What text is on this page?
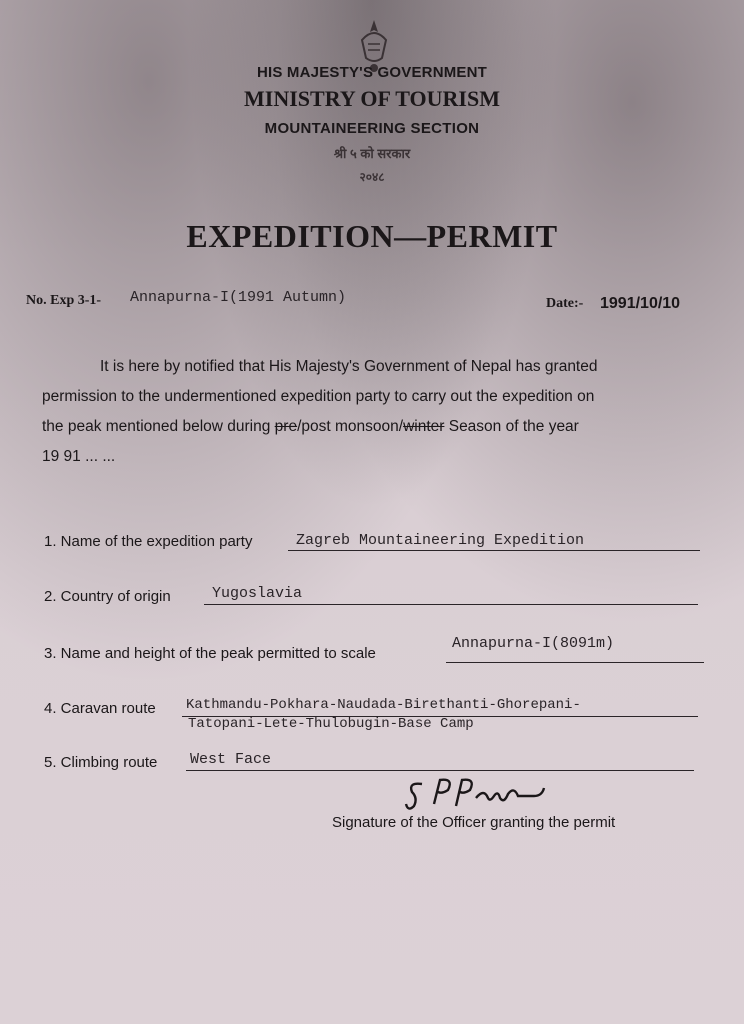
HIS MAJESTY'S GOVERNMENT
MINISTRY OF TOURISM
MOUNTAINEERING SECTION
श्री ५ को सरकार
२०४८
EXPEDITION—PERMIT
No. Exp 3-1- Annapurna-I(1991 Autumn)	Date:- 1991/10/10
It is here by notified that His Majesty's Government of Nepal has granted
permission to the undermentioned expedition party to carry out the expedition on
the peak mentioned below during pre/post monsoon/winter Season of the year
19 91 ... ...
1. Name of the expedition party	Zagreb Mountaineering Expedition
2. Country of origin	Yugoslavia
3. Name and height of the peak permitted to scale
Annapurna-I(8091m)
4. Caravan route Kathmandu-Pokhara-Naudada-Birethanti-Ghorepani-
Tatopani-Lete-Thulobugin-Base Camp
5. Climbing route West Face
Signature of the Officer granting the permit
